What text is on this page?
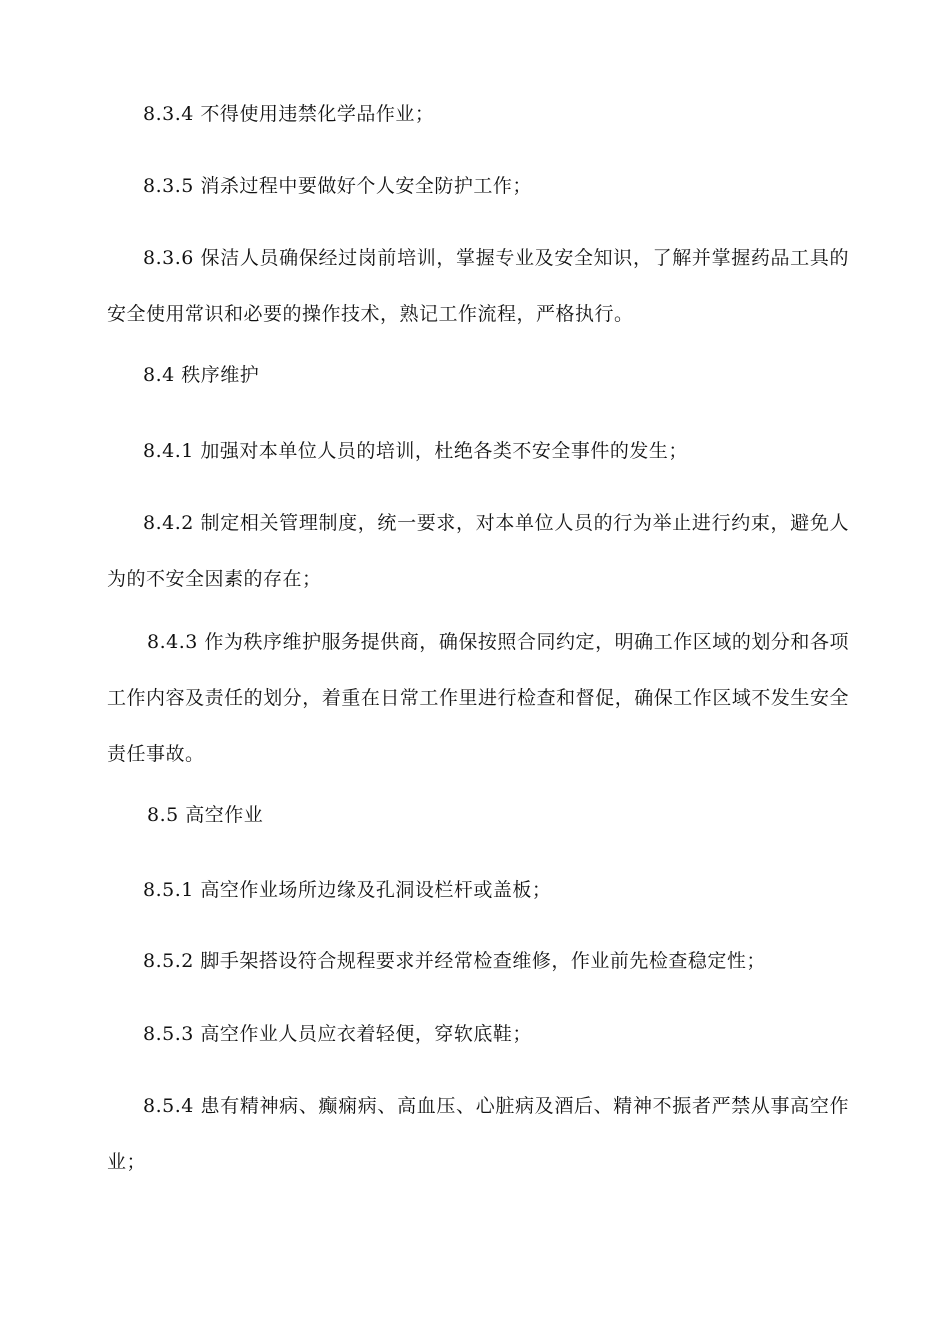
8.3.4 不得使用违禁化学品作业；

8.3.5 消杀过程中要做好个人安全防护工作；

8.3.6 保洁人员确保经过岗前培训，掌握专业及安全知识，了解并掌握药品工具的安全使用常识和必要的操作技术，熟记工作流程，严格执行。

8.4 秩序维护

8.4.1 加强对本单位人员的培训，杜绝各类不安全事件的发生；

8.4.2 制定相关管理制度，统一要求，对本单位人员的行为举止进行约束，避免人为的不安全因素的存在；

8.4.3 作为秩序维护服务提供商，确保按照合同约定，明确工作区域的划分和各项工作内容及责任的划分，着重在日常工作里进行检查和督促，确保工作区域不发生安全责任事故。

8.5 高空作业

8.5.1 高空作业场所边缘及孔洞设栏杆或盖板；

8.5.2 脚手架搭设符合规程要求并经常检查维修，作业前先检查稳定性；

8.5.3 高空作业人员应衣着轻便，穿软底鞋；

8.5.4 患有精神病、癫痫病、高血压、心脏病及酒后、精神不振者严禁从事高空作业；
